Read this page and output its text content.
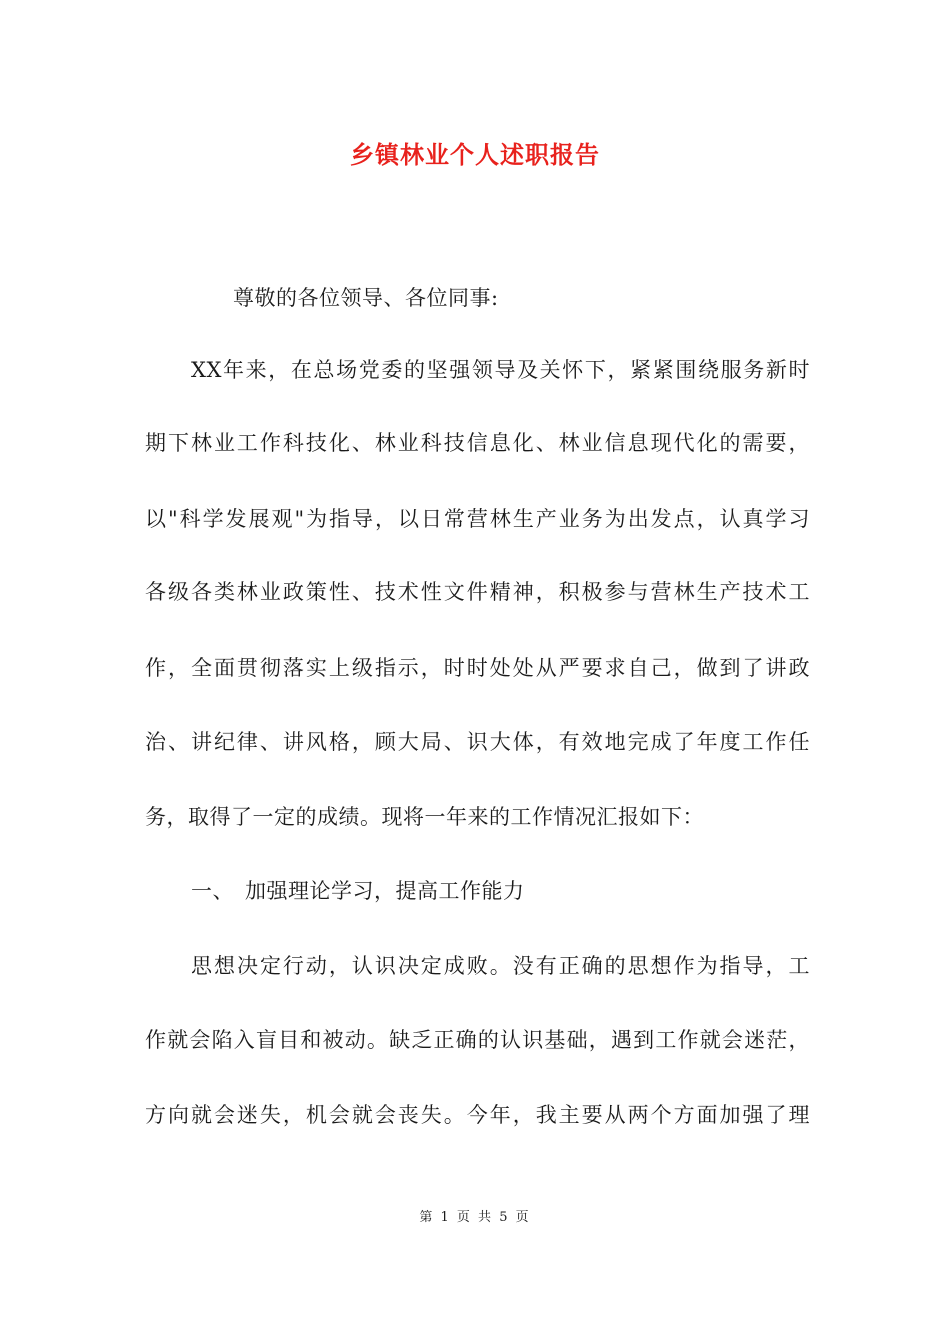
乡镇林业个人述职报告
尊敬的各位领导、各位同事:
XX年来，在总场党委的坚强领导及关怀下，紧紧围绕服务新时
期下林业工作科技化、林业科技信息化、林业信息现代化的需要，
以"科学发展观"为指导，以日常营林生产业务为出发点，认真学习
各级各类林业政策性、技术性文件精神，积极参与营林生产技术工
作，全面贯彻落实上级指示，时时处处从严要求自己，做到了讲政
治、讲纪律、讲风格，顾大局、识大体，有效地完成了年度工作任
务，取得了一定的成绩。现将一年来的工作情况汇报如下：
一、 加强理论学习，提高工作能力
思想决定行动，认识决定成败。没有正确的思想作为指导，工
作就会陷入盲目和被动。缺乏正确的认识基础，遇到工作就会迷茫，
方向就会迷失，机会就会丧失。今年，我主要从两个方面加强了理
第 1 页 共 5 页
